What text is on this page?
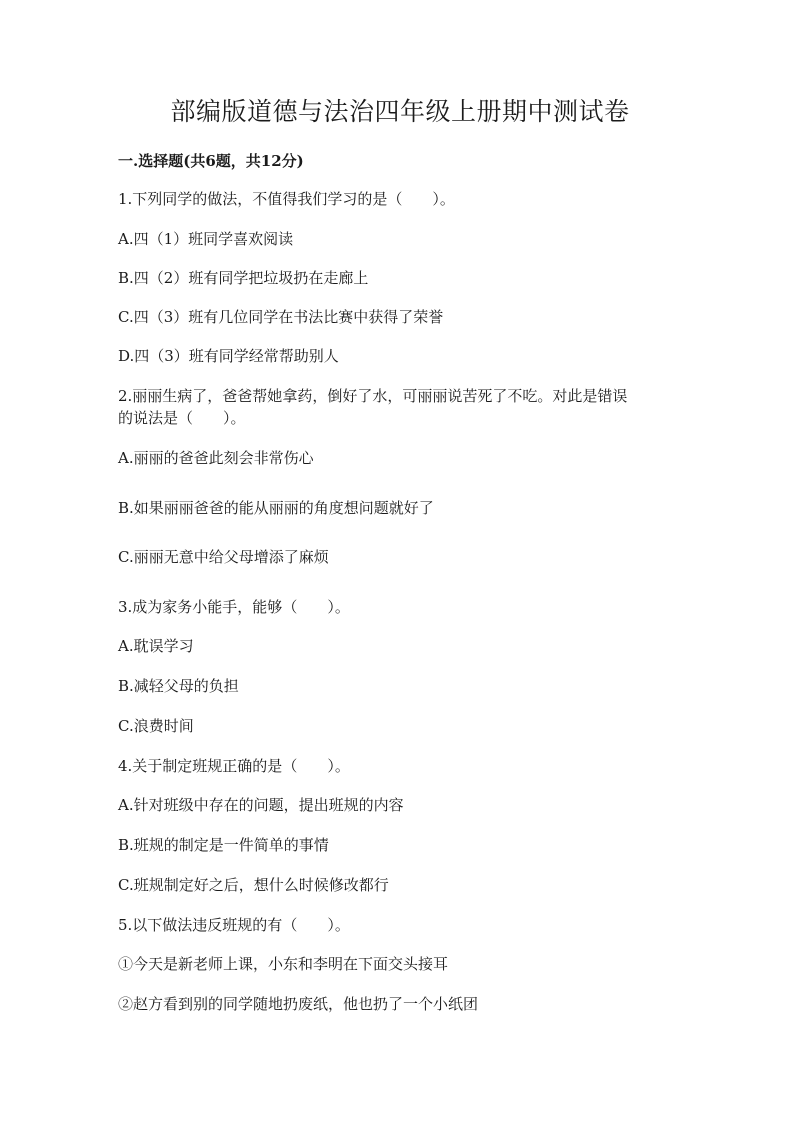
部编版道德与法治四年级上册期中测试卷

一.选择题(共6题，共12分)

1.下列同学的做法，不值得我们学习的是（　　）。

A.四（1）班同学喜欢阅读

B.四（2）班有同学把垃圾扔在走廊上

C.四（3）班有几位同学在书法比赛中获得了荣誉

D.四（3）班有同学经常帮助别人

2.丽丽生病了，爸爸帮她拿药，倒好了水，可丽丽说苦死了不吃。对此是错误

的说法是（　　）。

A.丽丽的爸爸此刻会非常伤心

B.如果丽丽爸爸的能从丽丽的角度想问题就好了

C.丽丽无意中给父母增添了麻烦

3.成为家务小能手，能够（　　）。

A.耽误学习

B.减轻父母的负担

C.浪费时间

4.关于制定班规正确的是（　　）。

A.针对班级中存在的问题，提出班规的内容

B.班规的制定是一件简单的事情

C.班规制定好之后，想什么时候修改都行

5.以下做法违反班规的有（　　）。

①今天是新老师上课，小东和李明在下面交头接耳

②赵方看到别的同学随地扔废纸，他也扔了一个小纸团
